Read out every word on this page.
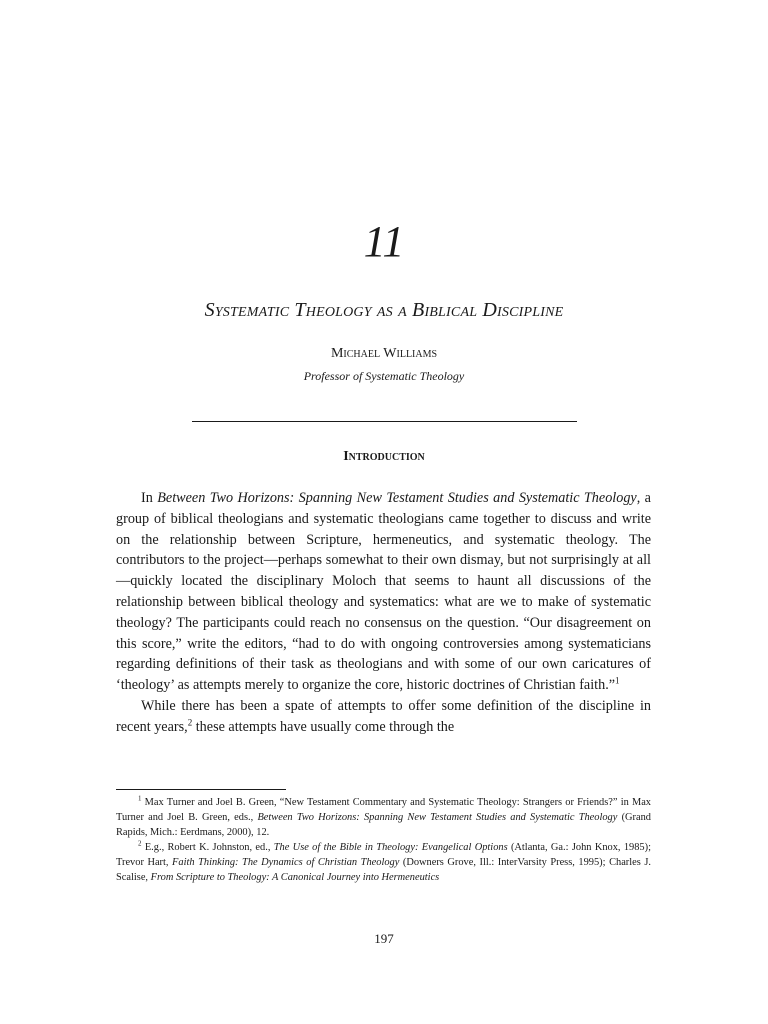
11
Systematic Theology as a Biblical Discipline
Michael Williams
Professor of Systematic Theology
Introduction

In Between Two Horizons: Spanning New Testament Studies and Systematic Theology, a group of biblical theologians and systematic theologians came together to discuss and write on the relationship between Scripture, hermeneutics, and systematic theology. The contributors to the project—perhaps somewhat to their own dismay, but not surprisingly at all—quickly located the disciplinary Moloch that seems to haunt all discussions of the relationship between biblical theology and systematics: what are we to make of systematic theology? The participants could reach no consensus on the question. “Our disagreement on this score,” write the editors, “had to do with ongoing controversies among systematicians regarding definitions of their task as theologians and with some of our own caricatures of ‘theology’ as attempts merely to organize the core, historic doctrines of Christian faith.”$^1$

While there has been a spate of attempts to offer some definition of the discipline in recent years,$^2$ these attempts have usually come through the

$^1$ Max Turner and Joel B. Green, “New Testament Commentary and Systematic Theology: Strangers or Friends?” in Max Turner and Joel B. Green, eds., Between Two Horizons: Spanning New Testament Studies and Systematic Theology (Grand Rapids, Mich.: Eerdmans, 2000), 12.

$^2$ E.g., Robert K. Johnston, ed., The Use of the Bible in Theology: Evangelical Options (Atlanta, Ga.: John Knox, 1985); Trevor Hart, Faith Thinking: The Dynamics of Christian Theology (Downers Grove, Ill.: InterVarsity Press, 1995); Charles J. Scalise, From Scripture to Theology: A Canonical Journey into Hermeneutics

197
